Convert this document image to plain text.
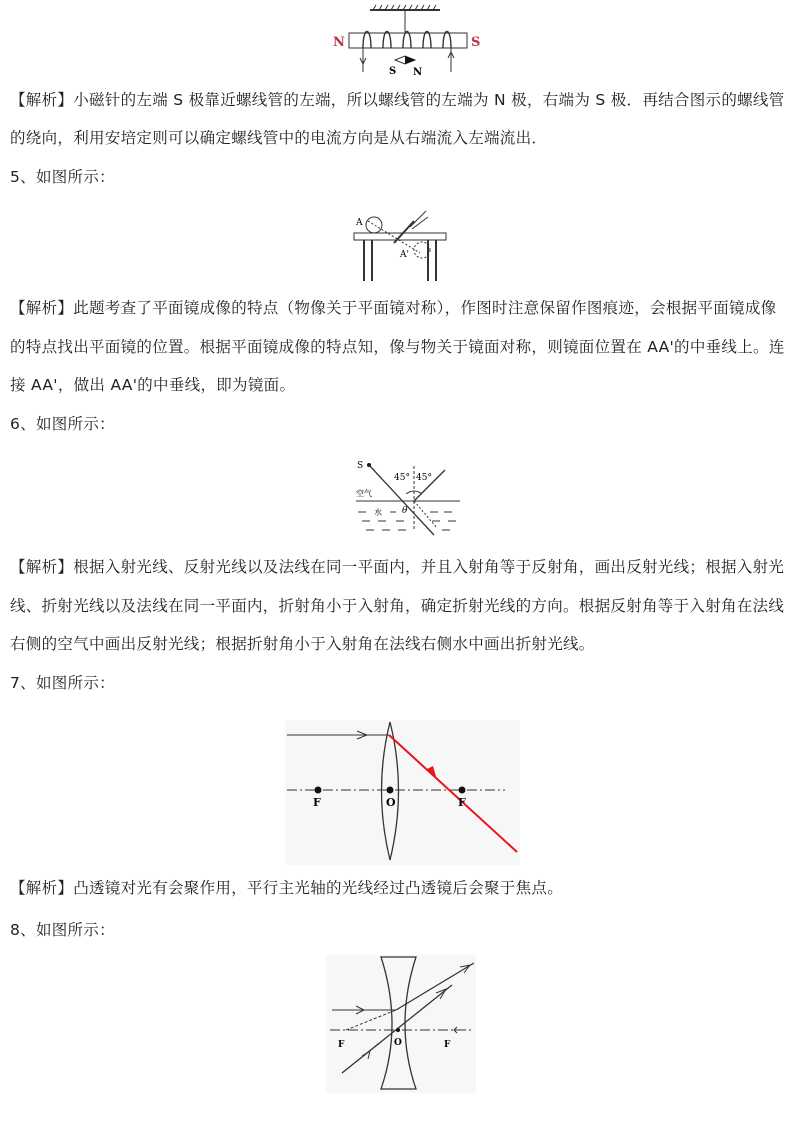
N	S
S N
【解析】小磁针的左端 S 极靠近螺线管的左端，所以螺线管的左端为 N 极，右端为 S 极．再结合图示的螺线管
的绕向，利用安培定则可以确定螺线管中的电流方向是从右端流入左端流出．
5、如图所示：
A
A'
【解析】此题考查了平面镜成像的特点（物像关于平面镜对称），作图时注意保留作图痕迹，会根据平面镜成像
的特点找出平面镜的位置。根据平面镜成像的特点知，像与物关于镜面对称，则镜面位置在 AA'的中垂线上。连
接 AA'，做出 AA'的中垂线，即为镜面。
6、如图所示：
S
45° 45°
空气
水 θ
【解析】根据入射光线、反射光线以及法线在同一平面内，并且入射角等于反射角，画出反射光线；根据入射光
线、折射光线以及法线在同一平面内，折射角小于入射角，确定折射光线的方向。根据反射角等于入射角在法线
右侧的空气中画出反射光线；根据折射角小于入射角在法线右侧水中画出折射光线。
7、如图所示：
F	O	F
【解析】凸透镜对光有会聚作用，平行主光轴的光线经过凸透镜后会聚于焦点。
8、如图所示：
F	O	F
